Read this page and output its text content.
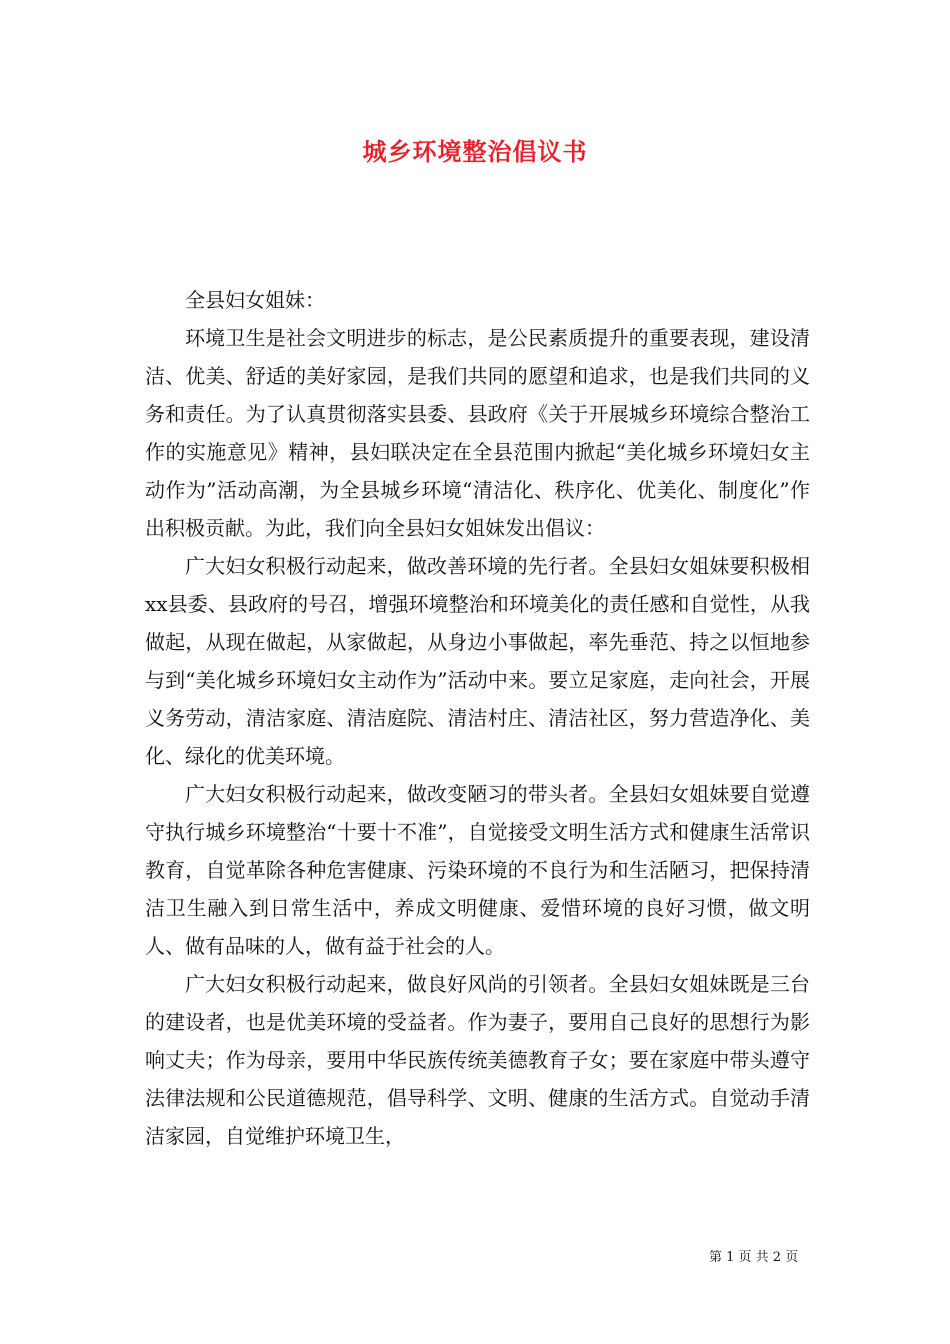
城乡环境整治倡议书

全县妇女姐妹：

环境卫生是社会文明进步的标志，是公民素质提升的重要表现，建设清洁、优美、舒适的美好家园，是我们共同的愿望和追求，也是我们共同的义务和责任。为了认真贯彻落实县委、县政府《关于开展城乡环境综合整治工作的实施意见》精神，县妇联决定在全县范围内掀起“美化城乡环境妇女主动作为”活动高潮，为全县城乡环境“清洁化、秩序化、优美化、制度化”作出积极贡献。为此，我们向全县妇女姐妹发出倡议：

广大妇女积极行动起来，做改善环境的先行者。全县妇女姐妹要积极相xx县委、县政府的号召，增强环境整治和环境美化的责任感和自觉性，从我做起，从现在做起，从家做起，从身边小事做起，率先垂范、持之以恒地参与到“美化城乡环境妇女主动作为”活动中来。要立足家庭，走向社会，开展义务劳动，清洁家庭、清洁庭院、清洁村庄、清洁社区，努力营造净化、美化、绿化的优美环境。

广大妇女积极行动起来，做改变陋习的带头者。全县妇女姐妹要自觉遵守执行城乡环境整治“十要十不准”，自觉接受文明生活方式和健康生活常识教育，自觉革除各种危害健康、污染环境的不良行为和生活陋习，把保持清洁卫生融入到日常生活中，养成文明健康、爱惜环境的良好习惯，做文明人、做有品味的人，做有益于社会的人。

广大妇女积极行动起来，做良好风尚的引领者。全县妇女姐妹既是三台的建设者，也是优美环境的受益者。作为妻子，要用自己良好的思想行为影响丈夫；作为母亲，要用中华民族传统美德教育子女；要在家庭中带头遵守法律法规和公民道德规范，倡导科学、文明、健康的生活方式。自觉动手清洁家园，自觉维护环境卫生，

第 1 页 共 2 页
